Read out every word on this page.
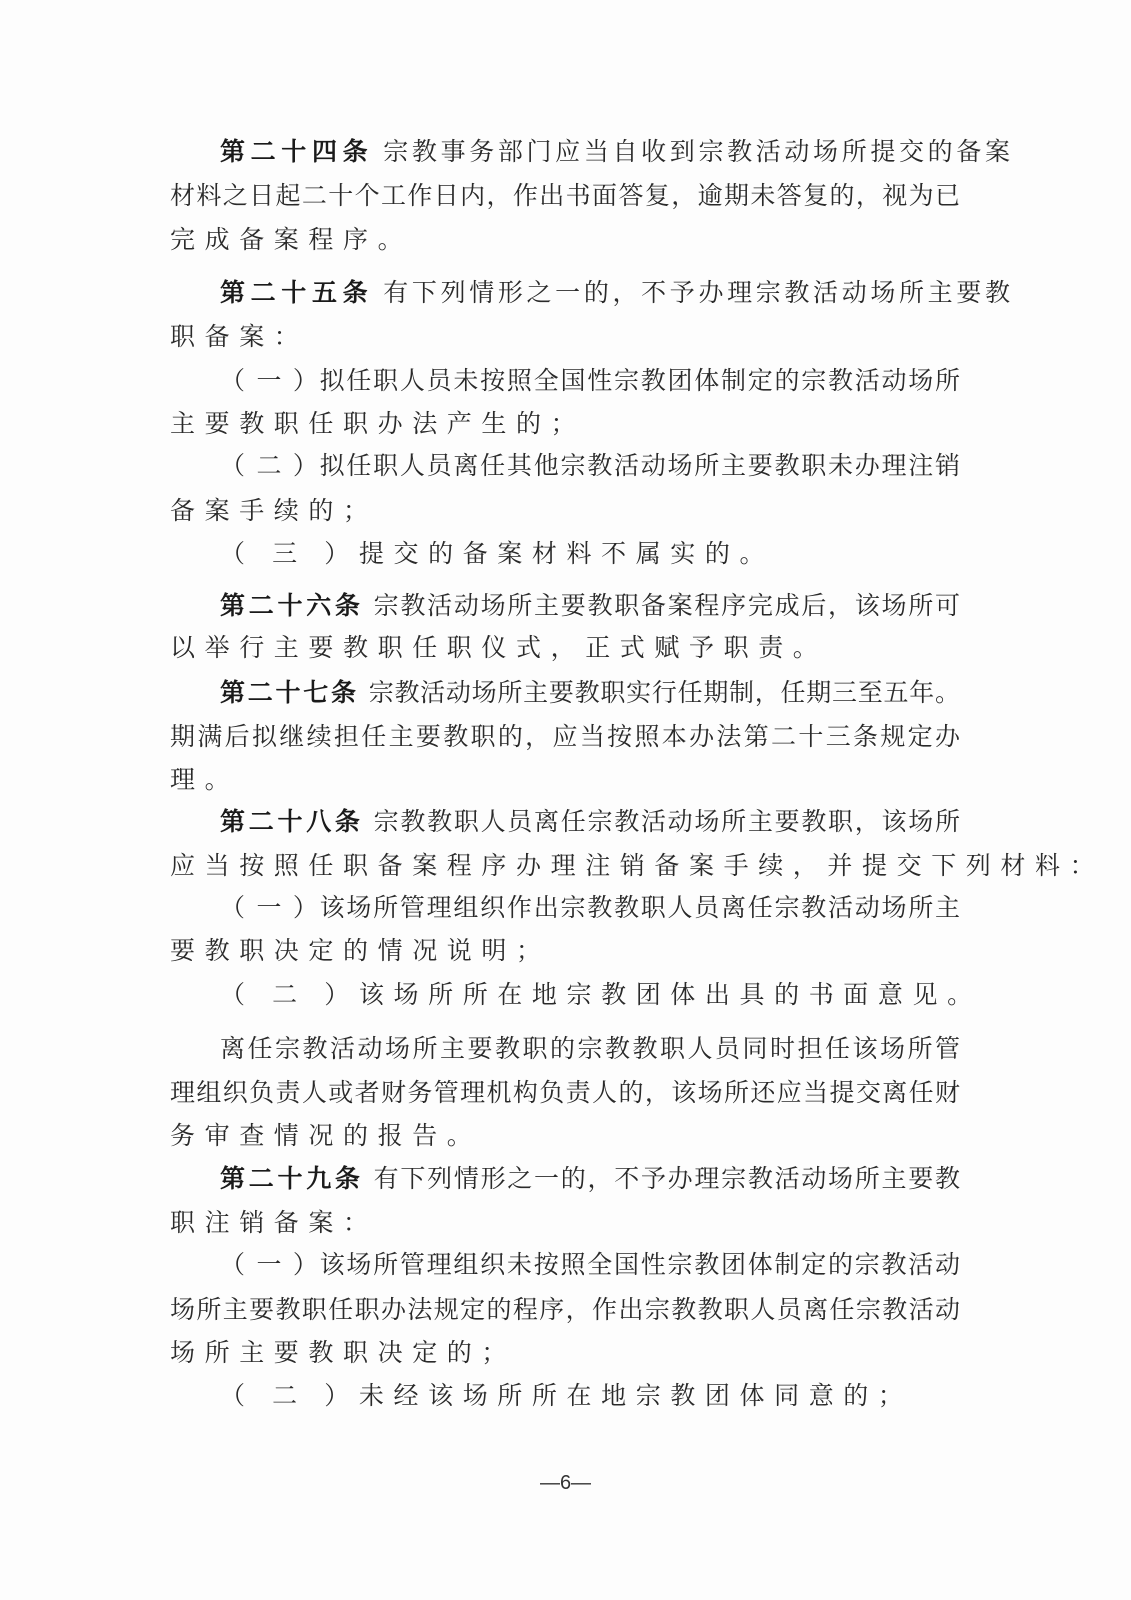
第二十四条 宗教事务部门应当自收到宗教活动场所提交的备案
材料之日起二十个工作日内，作出书面答复，逾期未答复的，视为已
完成备案程序。
第二十五条 有下列情形之一的，不予办理宗教活动场所主要教
职备案：
（ 一 ）拟任职人员未按照全国性宗教团体制定的宗教活动场所
主要教职任职办法产生的；
（ 二 ）拟任职人员离任其他宗教活动场所主要教职未办理注销
备案手续的；
（ 三 ）提交的备案材料不属实的。
第二十六条 宗教活动场所主要教职备案程序完成后，该场所可
以举行主要教职任职仪式，正式赋予职责。
第二十七条 宗教活动场所主要教职实行任期制，任期三至五年。
期满后拟继续担任主要教职的，应当按照本办法第二十三条规定办
理。
第二十八条 宗教教职人员离任宗教活动场所主要教职，该场所
应当按照任职备案程序办理注销备案手续，并提交下列材料：
（ 一 ）该场所管理组织作出宗教教职人员离任宗教活动场所主
要教职决定的情况说明；
（ 二 ）该场所所在地宗教团体出具的书面意见。
离任宗教活动场所主要教职的宗教教职人员同时担任该场所管
理组织负责人或者财务管理机构负责人的，该场所还应当提交离任财
务审查情况的报告。
第二十九条 有下列情形之一的，不予办理宗教活动场所主要教
职注销备案：
（ 一 ）该场所管理组织未按照全国性宗教团体制定的宗教活动
场所主要教职任职办法规定的程序，作出宗教教职人员离任宗教活动
场所主要教职决定的；
（ 二 ）未经该场所所在地宗教团体同意的；
—6—
